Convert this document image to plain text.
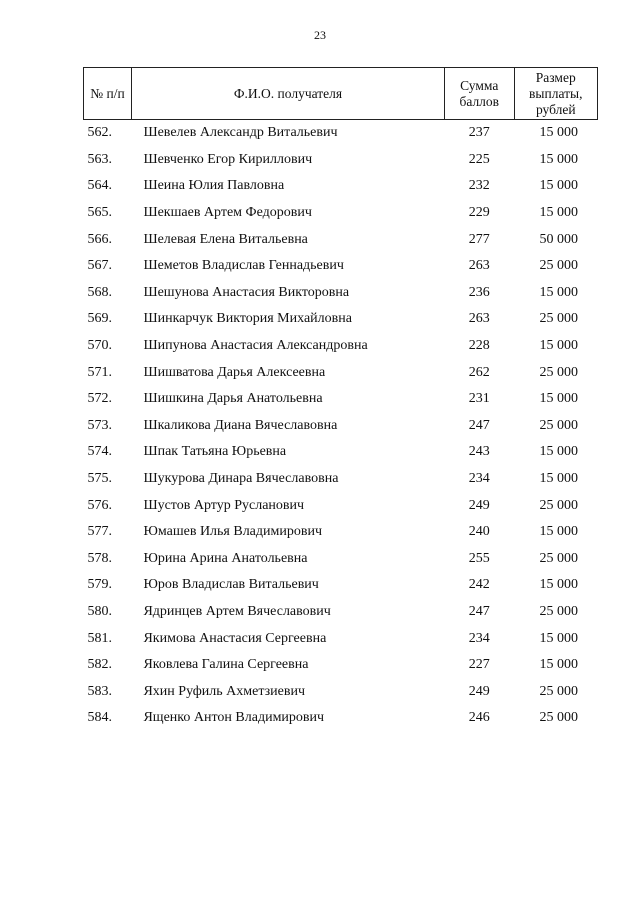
23
№ п/п	Ф.И.О. получателя	Сумма баллов	Размер выплаты, рублей
562.	Шевелев Александр Витальевич	237	15 000
563.	Шевченко Егор Кириллович	225	15 000
564.	Шеина Юлия Павловна	232	15 000
565.	Шекшаев Артем Федорович	229	15 000
566.	Шелевая Елена Витальевна	277	50 000
567.	Шеметов Владислав Геннадьевич	263	25 000
568.	Шешунова Анастасия Викторовна	236	15 000
569.	Шинкарчук Виктория Михайловна	263	25 000
570.	Шипунова Анастасия Александровна	228	15 000
571.	Шишватова Дарья Алексеевна	262	25 000
572.	Шишкина Дарья Анатольевна	231	15 000
573.	Шкаликова Диана Вячеславовна	247	25 000
574.	Шпак Татьяна Юрьевна	243	15 000
575.	Шукурова Динара Вячеславовна	234	15 000
576.	Шустов Артур Русланович	249	25 000
577.	Юмашев Илья Владимирович	240	15 000
578.	Юрина Арина Анатольевна	255	25 000
579.	Юров Владислав Витальевич	242	15 000
580.	Ядринцев Артем Вячеславович	247	25 000
581.	Якимова Анастасия Сергеевна	234	15 000
582.	Яковлева Галина Сергеевна	227	15 000
583.	Яхин Руфиль Ахметзиевич	249	25 000
584.	Ященко Антон Владимирович	246	25 000
